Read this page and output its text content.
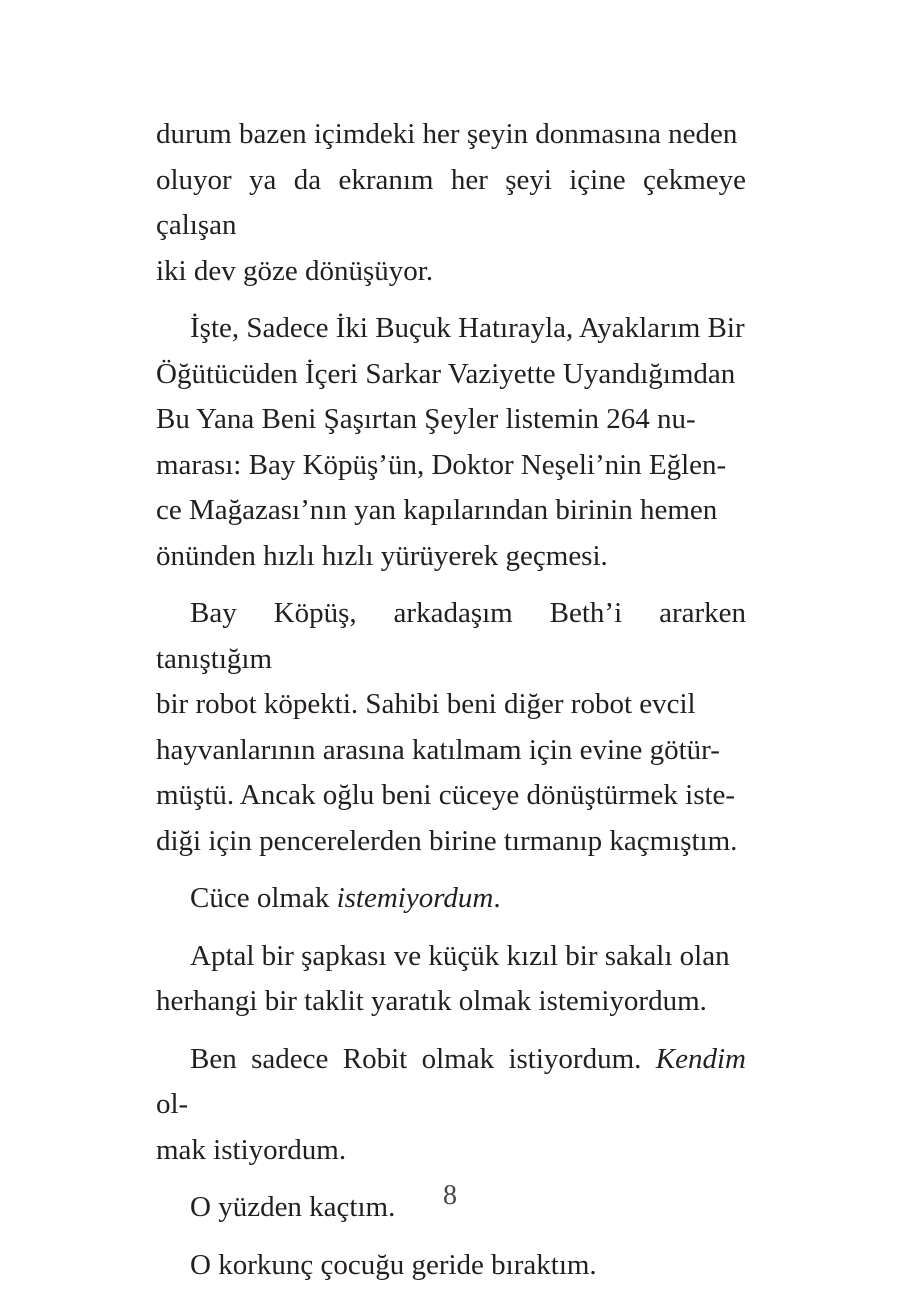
durum bazen içimdeki her şeyin donmasına neden
oluyor ya da ekranım her şeyi içine çekmeye çalışan
iki dev göze dönüşüyor.

İşte, Sadece İki Buçuk Hatırayla, Ayaklarım Bir
Öğütücüden İçeri Sarkar Vaziyette Uyandığımdan
Bu Yana Beni Şaşırtan Şeyler listemin 264 nu-
marası: Bay Köpüş’ün, Doktor Neşeli’nin Eğlen-
ce Mağazası’nın yan kapılarından birinin hemen
önünden hızlı hızlı yürüyerek geçmesi.

Bay Köpüş, arkadaşım Beth’i ararken tanıştığım
bir robot köpekti. Sahibi beni diğer robot evcil
hayvanlarının arasına katılmam için evine götür-
müştü. Ancak oğlu beni cüceye dönüştürmek iste-
diği için pencerelerden birine tırmanıp kaçmıştım.

Cüce olmak istemiyordum.

Aptal bir şapkası ve küçük kızıl bir sakalı olan
herhangi bir taklit yaratık olmak istemiyordum.

Ben sadece Robit olmak istiyordum. Kendim ol-
mak istiyordum.

O yüzden kaçtım.

O korkunç çocuğu geride bıraktım.

8
